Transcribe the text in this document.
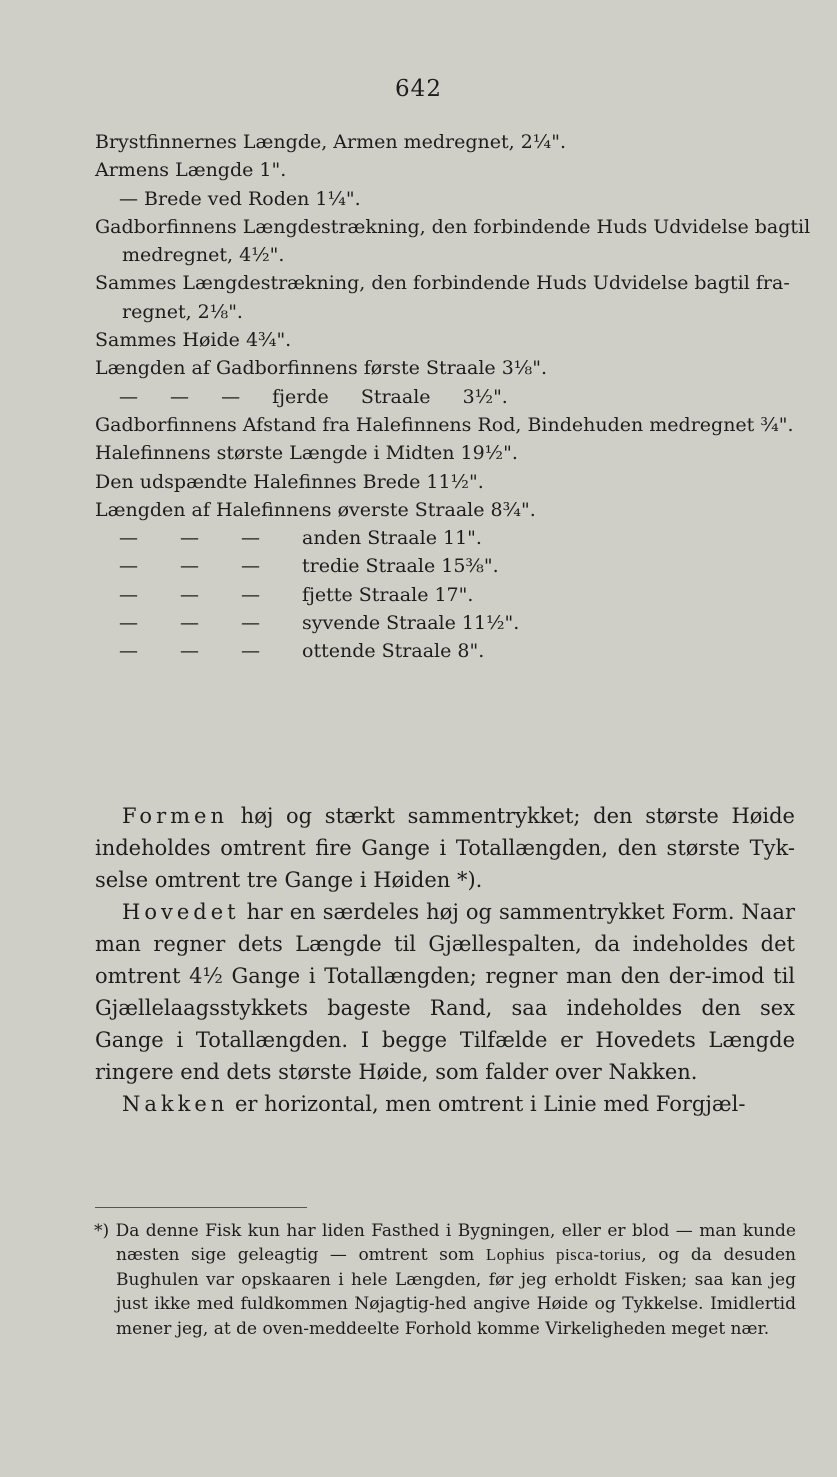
642
Brystfinnernes Længde, Armen medregnet, 2¼".
Armens Længde 1".
— Brede ved Roden 1¼".
Gadborfinnens Længdestrækning, den forbindende Huds Udvidelse bagtil
medregnet, 4½".
Sammes Længdestrækning, den forbindende Huds Udvidelse bagtil fra-
regnet, 2⅛".
Sammes Høide 4¾".
Længden af Gadborfinnens første Straale 3⅛".
— — — fjerde Straale 3½".
Gadborfinnens Afstand fra Halefinnens Rod, Bindehuden medregnet ¾".
Halefinnens største Længde i Midten 19½".
Den udspændte Halefinnes Brede 11½".
Længden af Halefinnens øverste Straale 8¾".
— — — anden Straale 11".
— — — tredie Straale 15⅜".
— — — fjette Straale 17".
— — — syvende Straale 11½".
— — — ottende Straale 8".

Formen høj og stærkt sammentrykket; den største Høide indeholdes omtrent fire Gange i Totallængden, den største Tyk-selse omtrent tre Gange i Høiden *).

Hovedet har en særdeles høj og sammentrykket Form. Naar man regner dets Længde til Gjællespalten, da indeholdes det omtrent 4½ Gange i Totallængden; regner man den der-imod til Gjællelaagsstykkets bageste Rand, saa indeholdes den sex Gange i Totallængden. I begge Tilfælde er Hovedets Længde ringere end dets største Høide, som falder over Nakken.

Nakken er horizontal, men omtrent i Linie med Forgjæl-

*) Da denne Fisk kun har liden Fasthed i Bygningen, eller er blod — man kunde næsten sige geleagtig — omtrent som Lophius pisca-torius, og da desuden Bughulen var opskaaren i hele Længden, før jeg erholdt Fisken; saa kan jeg just ikke med fuldkommen Nøjagtig-hed angive Høide og Tykkelse. Imidlertid mener jeg, at de oven-meddeelte Forhold komme Virkeligheden meget nær.
